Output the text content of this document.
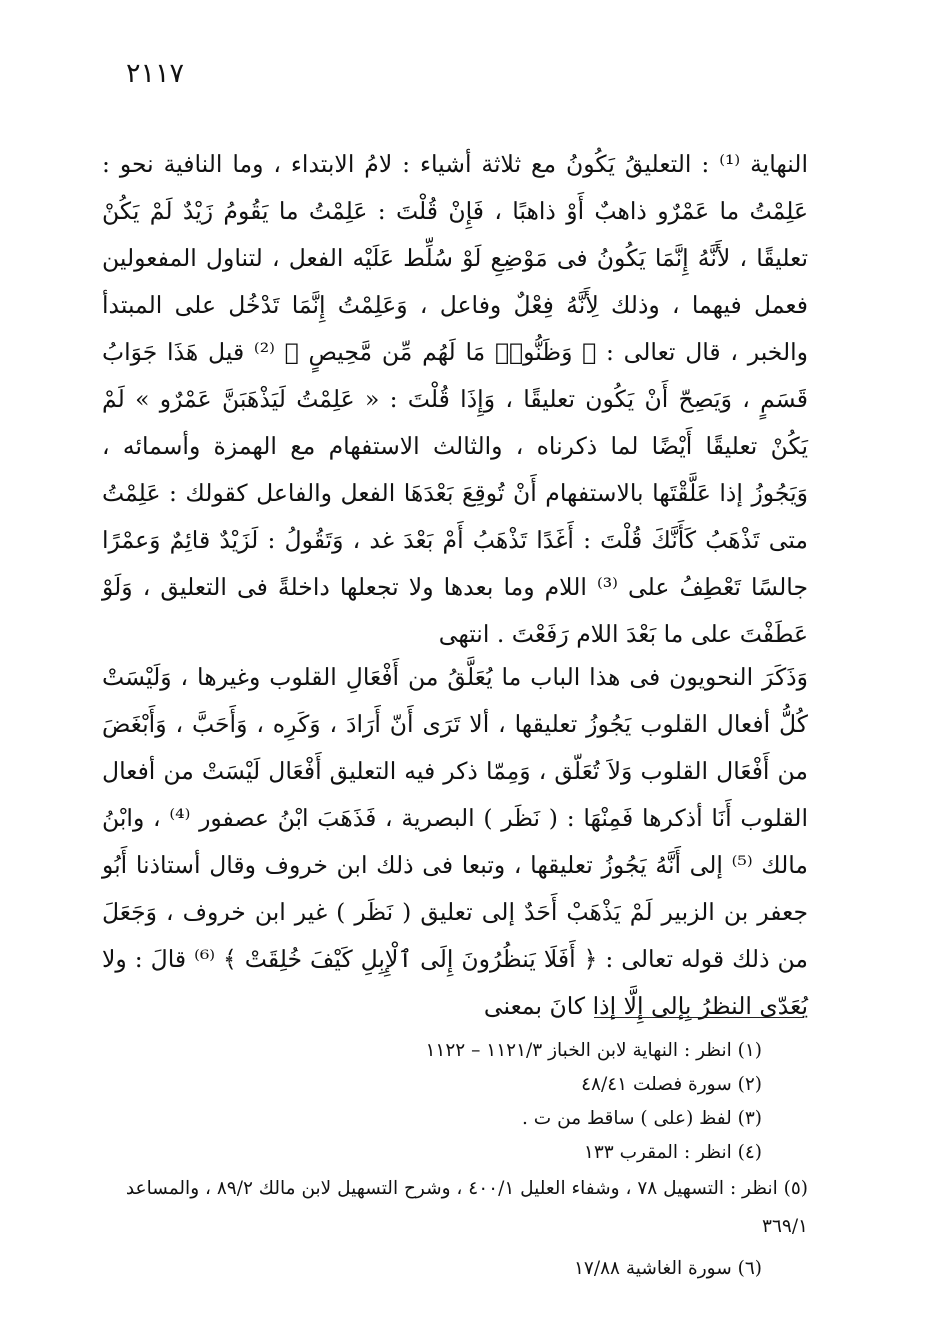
٢١١٧

النهاية ⁽¹⁾ : التعليقُ يَكُونُ مع ثلاثة أشياء : لامُ الابتداء ، وما النافية نحو : عَلِمْتُ ما عَمْرٌو ذاهبٌ أَوْ ذاهبًا ، فَإِنْ قُلْتَ : عَلِمْتُ ما يَقُومُ زَيْدٌ لَمْ يَكُنْ تعليقًا ، لأَنَّهُ إِنَّمَا يَكُونُ فى مَوْضِعِ لَوْ سُلِّط عَلَيْه الفعل ، لتناول المفعولين فعمل فيهما ، وذلك لِأَنَّهُ فِعْلٌ وفاعل ، وَعَلِمْتُ إِنَّمَا تَدْخُل على المبتدأ والخبر ، قال تعالى : ﴿ وَظَنُّوا۟ مَا لَهُم مِّن مَّحِيصٍ ﴾ ⁽²⁾ قيل هَذَا جَوَابُ قَسَمٍ ، وَيَصِحّ أَنْ يَكُون تعليقًا ، وَإِذَا قُلْتَ : « عَلِمْتُ لَيَذْهَبَنَّ عَمْرٌو » لَمْ يَكُنْ تعليقًا أَيْضًا لما ذكرناه ، والثالث الاستفهام مع الهمزة وأسمائه ، وَيَجُوزُ إذا عَلَّقْتَها بالاستفهام أَنْ تُوقِعَ بَعْدَهَا الفعل والفاعل كقولك : عَلِمْتُ متى تَذْهَبُ كَأَنَّكَ قُلْتَ : أَغَدًا تَذْهَبُ أَمْ بَعْدَ غد ، وَتَقُولُ : لَزَيْدٌ قائِمٌ وَعمْرًا جالسًا تَعْطِفُ على ⁽³⁾ اللام وما بعدها ولا تجعلها داخلةً فى التعليق ، وَلَوْ عَطَفْتَ على ما بَعْدَ اللام رَفَعْتَ . انتهى

وَذَكَرَ النحويون فى هذا الباب ما يُعَلَّقُ من أَفْعَالِ القلوب وغيرها ، وَلَيْسَتْ كُلُّ أفعال القلوب يَجُوزُ تعليقها ، ألا تَرَى أَنّ أَرَادَ ، وَكَرِه ، وَأَحَبَّ ، وَأَبْغَضَ من أَفْعَال القلوب وَلاَ تُعَلّق ، وَمِمّا ذكر فيه التعليق أَفْعَال لَيْسَتْ من أفعال القلوب أَنَا أذكرها فَمِنْهَا : ( نَظَر ) البصرية ، فَذَهَبَ ابْنُ عصفور ⁽⁴⁾ ، وابْنُ مالك ⁽⁵⁾ إلى أَنَّهُ يَجُوزُ تعليقها ، وتبعا فى ذلك ابن خروف وقال أستاذنا أَبُو جعفر بن الزبير لَمْ يَذْهَبْ أَحَدٌ إلى تعليق ( نَظَر ) غير ابن خروف ، وَجَعَلَ من ذلك قوله تعالى : ﴿ أَفَلَا يَنظُرُونَ إِلَى ٱلْإِبِلِ كَيْفَ خُلِقَتْ ﴾ ⁽⁶⁾ قالَ : ولا يُعَدّى النظرُ بِإلى إِلَّا إذا كانَ بمعنى

(١) انظر : النهاية لابن الخباز ١١٢١/٣ – ١١٢٢

(٢) سورة فصلت ٤٨/٤١

(٣) لفظ (على ) ساقط من ت .

(٤) انظر : المقرب ١٣٣

(٥) انظر : التسهيل ٧٨ ، وشفاء العليل ٤٠٠/١ ، وشرح التسهيل لابن مالك ٨٩/٢ ، والمساعد ٣٦٩/١

(٦) سورة الغاشية ١٧/٨٨
